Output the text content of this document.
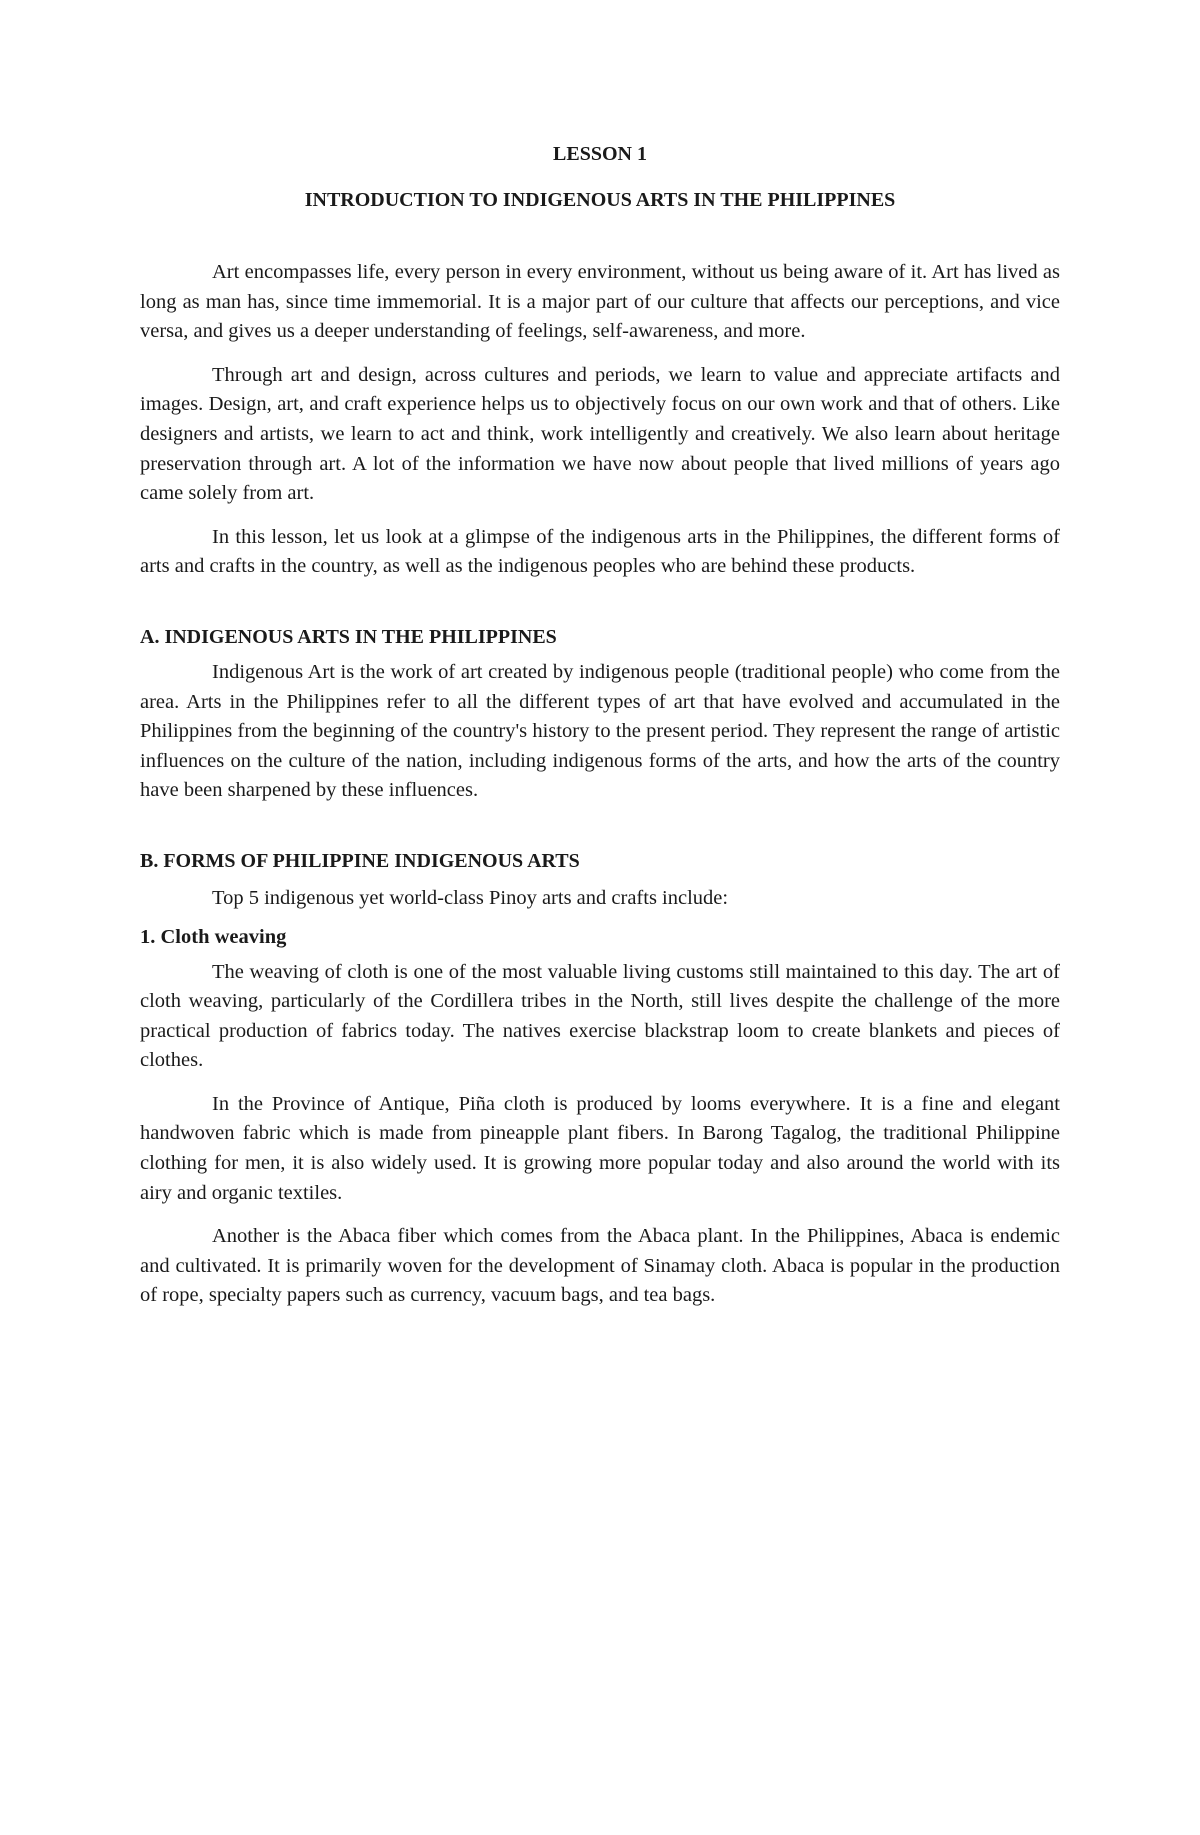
LESSON 1

INTRODUCTION TO INDIGENOUS ARTS IN THE PHILIPPINES

Art encompasses life, every person in every environment, without us being aware of it. Art has lived as long as man has, since time immemorial. It is a major part of our culture that affects our perceptions, and vice versa, and gives us a deeper understanding of feelings, self-awareness, and more.

Through art and design, across cultures and periods, we learn to value and appreciate artifacts and images. Design, art, and craft experience helps us to objectively focus on our own work and that of others. Like designers and artists, we learn to act and think, work intelligently and creatively. We also learn about heritage preservation through art. A lot of the information we have now about people that lived millions of years ago came solely from art.

In this lesson, let us look at a glimpse of the indigenous arts in the Philippines, the different forms of arts and crafts in the country, as well as the indigenous peoples who are behind these products.

A. INDIGENOUS ARTS IN THE PHILIPPINES

Indigenous Art is the work of art created by indigenous people (traditional people) who come from the area. Arts in the Philippines refer to all the different types of art that have evolved and accumulated in the Philippines from the beginning of the country's history to the present period. They represent the range of artistic influences on the culture of the nation, including indigenous forms of the arts, and how the arts of the country have been sharpened by these influences.

B. FORMS OF PHILIPPINE INDIGENOUS ARTS

Top 5 indigenous yet world-class Pinoy arts and crafts include:

1. Cloth weaving

The weaving of cloth is one of the most valuable living customs still maintained to this day. The art of cloth weaving, particularly of the Cordillera tribes in the North, still lives despite the challenge of the more practical production of fabrics today. The natives exercise blackstrap loom to create blankets and pieces of clothes.

In the Province of Antique, Piña cloth is produced by looms everywhere. It is a fine and elegant handwoven fabric which is made from pineapple plant fibers. In Barong Tagalog, the traditional Philippine clothing for men, it is also widely used. It is growing more popular today and also around the world with its airy and organic textiles.

Another is the Abaca fiber which comes from the Abaca plant. In the Philippines, Abaca is endemic and cultivated. It is primarily woven for the development of Sinamay cloth. Abaca is popular in the production of rope, specialty papers such as currency, vacuum bags, and tea bags.
